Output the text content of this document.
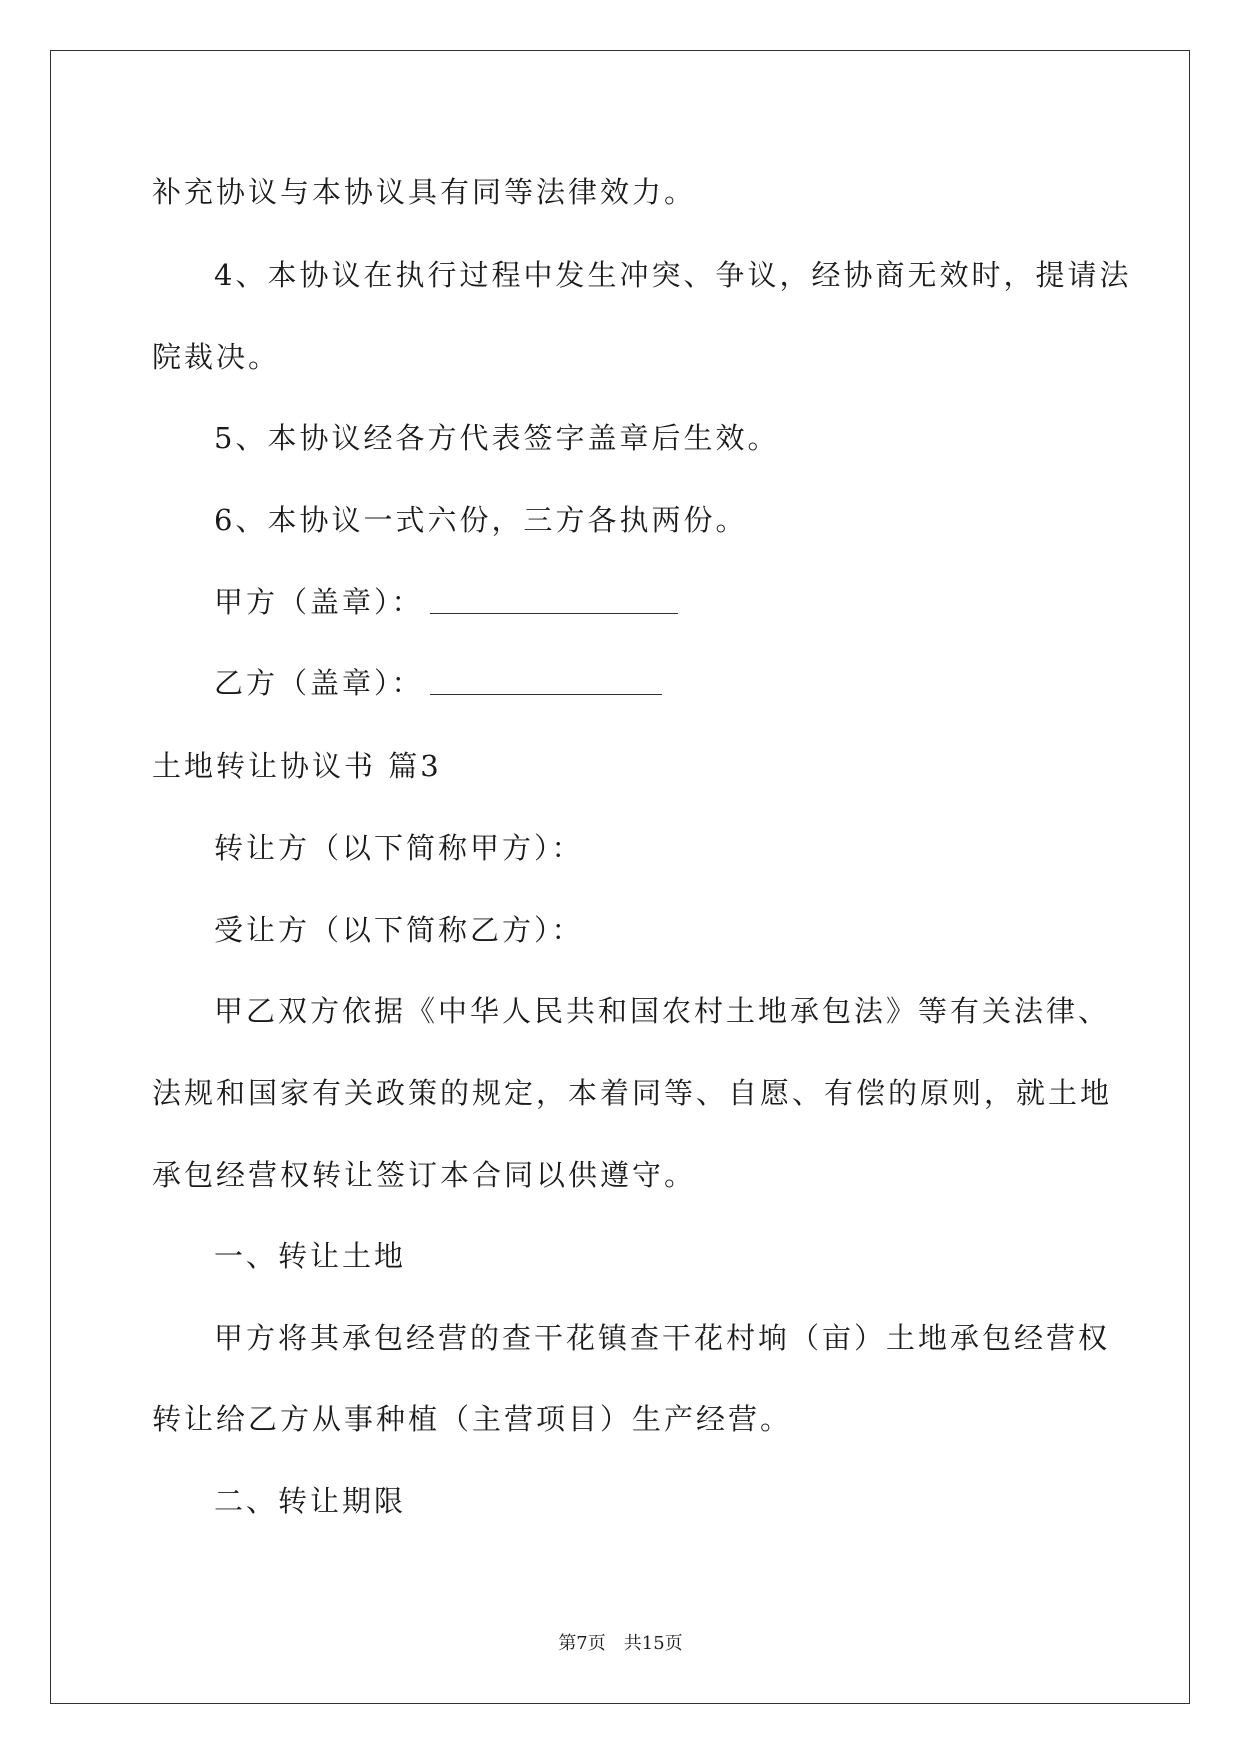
补充协议与本协议具有同等法律效力。
4、本协议在执行过程中发生冲突、争议，经协商无效时，提请法
院裁决。
5、本协议经各方代表签字盖章后生效。
6、本协议一式六份，三方各执两份。
甲方（盖章）：
乙方（盖章）：
土地转让协议书 篇3
转让方（以下简称甲方）：
受让方（以下简称乙方）：
甲乙双方依据《中华人民共和国农村土地承包法》等有关法律、
法规和国家有关政策的规定，本着同等、自愿、有偿的原则，就土地
承包经营权转让签订本合同以供遵守。
一、转让土地
甲方将其承包经营的查干花镇查干花村垧（亩）土地承包经营权
转让给乙方从事种植（主营项目）生产经营。
二、转让期限
第7页　共15页
